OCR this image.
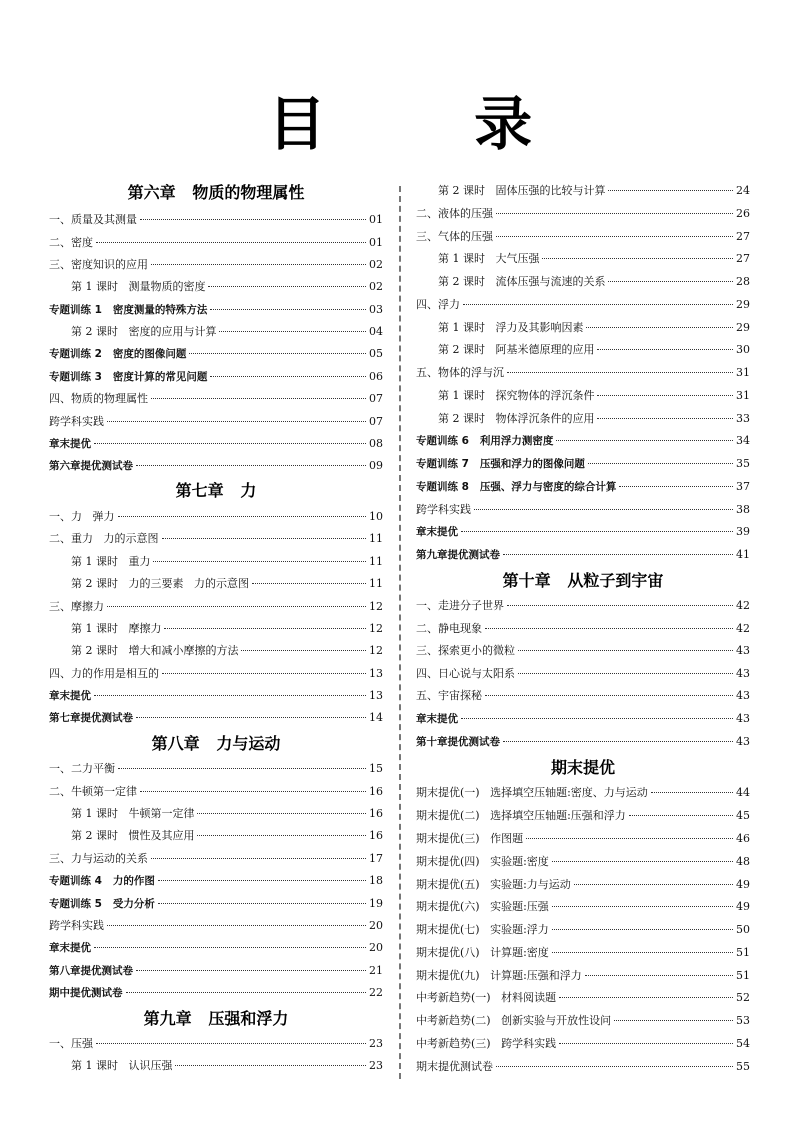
目 录
第六章   物质的物理属性
一、质量及其测量	01
二、密度	01
三、密度知识的应用	02
第 1 课时   测量物质的密度	02
专题训练 1   密度测量的特殊方法	03
第 2 课时   密度的应用与计算	04
专题训练 2   密度的图像问题	05
专题训练 3   密度计算的常见问题	06
四、物质的物理属性	07
跨学科实践	07
章末提优	08
第六章提优测试卷	09
第七章   力
一、力   弹力	10
二、重力   力的示意图	11
第 1 课时   重力	11
第 2 课时   力的三要素   力的示意图	11
三、摩擦力	12
第 1 课时   摩擦力	12
第 2 课时   增大和减小摩擦的方法	12
四、力的作用是相互的	13
章末提优	13
第七章提优测试卷	14
第八章   力与运动
一、二力平衡	15
二、牛顿第一定律	16
第 1 课时   牛顿第一定律	16
第 2 课时   惯性及其应用	16
三、力与运动的关系	17
专题训练 4   力的作图	18
专题训练 5   受力分析	19
跨学科实践	20
章末提优	20
第八章提优测试卷	21
期中提优测试卷	22
第九章   压强和浮力
一、压强	23
第 1 课时   认识压强	23
第 2 课时   固体压强的比较与计算	24
二、液体的压强	26
三、气体的压强	27
第 1 课时   大气压强	27
第 2 课时   流体压强与流速的关系	28
四、浮力	29
第 1 课时   浮力及其影响因素	29
第 2 课时   阿基米德原理的应用	30
五、物体的浮与沉	31
第 1 课时   探究物体的浮沉条件	31
第 2 课时   物体浮沉条件的应用	33
专题训练 6   利用浮力测密度	34
专题训练 7   压强和浮力的图像问题	35
专题训练 8   压强、浮力与密度的综合计算	37
跨学科实践	38
章末提优	39
第九章提优测试卷	41
第十章   从粒子到宇宙
一、走进分子世界	42
二、静电现象	42
三、探索更小的微粒	43
四、日心说与太阳系	43
五、宇宙探秘	43
章末提优	43
第十章提优测试卷	43
期末提优
期末提优(一)   选择填空压轴题:密度、力与运动	44
期末提优(二)   选择填空压轴题:压强和浮力	45
期末提优(三)   作图题	46
期末提优(四)   实验题:密度	48
期末提优(五)   实验题:力与运动	49
期末提优(六)   实验题:压强	49
期末提优(七)   实验题:浮力	50
期末提优(八)   计算题:密度	51
期末提优(九)   计算题:压强和浮力	51
中考新趋势(一)   材料阅读题	52
中考新趋势(二)   创新实验与开放性设问	53
中考新趋势(三)   跨学科实践	54
期末提优测试卷	55
